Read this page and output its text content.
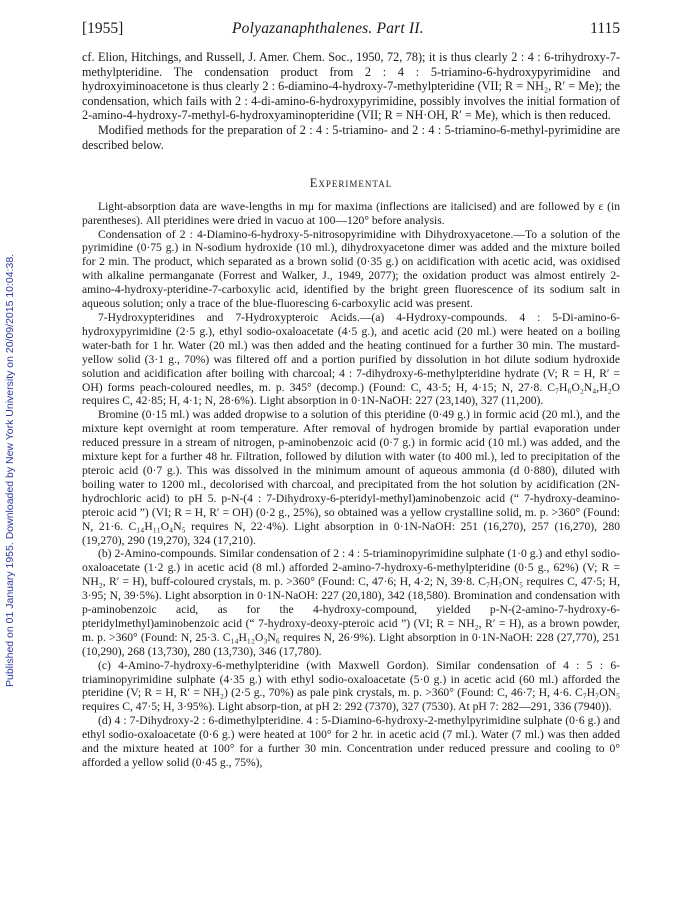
[1955]	Polyazanaphthalenes. Part II.	1115
Published on 01 January 1955. Downloaded by New York University on 20/09/2015 10:04:38.

cf. Elion, Hitchings, and Russell, J. Amer. Chem. Soc., 1950, 72, 78); it is thus clearly 2 : 4 : 6-trihydroxy-7-methylpteridine. The condensation product from 2 : 4 : 5-triamino-6-hydroxypyrimidine and hydroxyiminoacetone is thus clearly 2 : 6-diamino-4-hydroxy-7-methylpteridine (VII; R = NH₂, R′ = Me); the condensation, which fails with 2 : 4-di-amino-6-hydroxypyrimidine, possibly involves the initial formation of 2-amino-4-hydroxy-7-methyl-6-hydroxyaminopteridine (VII; R = NH·OH, R′ = Me), which is then reduced.

Modified methods for the preparation of 2 : 4 : 5-triamino- and 2 : 4 : 5-triamino-6-methyl-pyrimidine are described below.

Experimental

Light-absorption data are wave-lengths in mμ for maxima (inflections are italicised) and are followed by ε (in parentheses). All pteridines were dried in vacuo at 100—120° before analysis.

Condensation of 2 : 4-Diamino-6-hydroxy-5-nitrosopyrimidine with Dihydroxyacetone.—To a solution of the pyrimidine (0·75 g.) in N-sodium hydroxide (10 ml.), dihydroxyacetone dimer was added and the mixture boiled for 2 min. The product, which separated as a brown solid (0·35 g.) on acidification with acetic acid, was oxidised with alkaline permanganate (Forrest and Walker, J., 1949, 2077); the oxidation product was almost entirely 2-amino-4-hydroxy-pteridine-7-carboxylic acid, identified by the bright green fluorescence of its sodium salt in aqueous solution; only a trace of the blue-fluorescing 6-carboxylic acid was present.

7-Hydroxypteridines and 7-Hydroxypteroic Acids.—(a) 4-Hydroxy-compounds. 4 : 5-Di-amino-6-hydroxypyrimidine (2·5 g.), ethyl sodio-oxaloacetate (4·5 g.), and acetic acid (20 ml.) were heated on a boiling water-bath for 1 hr. Water (20 ml.) was then added and the heating continued for a further 30 min. The mustard-yellow solid (3·1 g., 70%) was filtered off and a portion purified by dissolution in hot dilute sodium hydroxide solution and acidification after boiling with charcoal; 4 : 7-dihydroxy-6-methylpteridine hydrate (V; R = H, R′ = OH) forms peach-coloured needles, m. p. 345° (decomp.) (Found: C, 43·5; H, 4·15; N, 27·8. C₇H₆O₂N₄,H₂O requires C, 42·85; H, 4·1; N, 28·6%). Light absorption in 0·1N-NaOH: 227 (23,140), 327 (11,200).

Bromine (0·15 ml.) was added dropwise to a solution of this pteridine (0·49 g.) in formic acid (20 ml.), and the mixture kept overnight at room temperature. After removal of hydrogen bromide by partial evaporation under reduced pressure in a stream of nitrogen, p-aminobenzoic acid (0·7 g.) in formic acid (10 ml.) was added, and the mixture kept for a further 48 hr. Filtration, followed by dilution with water (to 400 ml.), led to precipitation of the pteroic acid (0·7 g.). This was dissolved in the minimum amount of aqueous ammonia (d 0·880), diluted with boiling water to 1200 ml., decolorised with charcoal, and precipitated from the hot solution by acidification (2N-hydrochloric acid) to pH 5. p-N-(4 : 7-Dihydroxy-6-pteridyl-methyl)aminobenzoic acid (“ 7-hydroxy-deamino-pteroic acid ”) (VI; R = H, R′ = OH) (0·2 g., 25%), so obtained was a yellow crystalline solid, m. p. >360° (Found: N, 21·6. C₁₄H₁₁O₄N₅ requires N, 22·4%). Light absorption in 0·1N-NaOH: 251 (16,270), 257 (16,270), 280 (19,270), 290 (19,270), 324 (17,210).

(b) 2-Amino-compounds. Similar condensation of 2 : 4 : 5-triaminopyrimidine sulphate (1·0 g.) and ethyl sodio-oxaloacetate (1·2 g.) in acetic acid (8 ml.) afforded 2-amino-7-hydroxy-6-methylpteridine (0·5 g., 62%) (V; R = NH₂, R′ = H), buff-coloured crystals, m. p. >360° (Found: C, 47·6; H, 4·2; N, 39·8. C₇H₇ON₅ requires C, 47·5; H, 3·95; N, 39·5%). Light absorption in 0·1N-NaOH: 227 (20,180), 342 (18,580). Bromination and condensation with p-aminobenzoic acid, as for the 4-hydroxy-compound, yielded p-N-(2-amino-7-hydroxy-6-pteridylmethyl)aminobenzoic acid (“ 7-hydroxy-deoxy-pteroic acid ”) (VI; R = NH₂, R′ = H), as a brown powder, m. p. >360° (Found: N, 25·3. C₁₄H₁₂O₃N₆ requires N, 26·9%). Light absorption in 0·1N-NaOH: 228 (27,770), 251 (10,290), 268 (13,730), 280 (13,730), 346 (17,780).

(c) 4-Amino-7-hydroxy-6-methylpteridine (with Maxwell Gordon). Similar condensation of 4 : 5 : 6-triaminopyrimidine sulphate (4·35 g.) with ethyl sodio-oxaloacetate (5·0 g.) in acetic acid (60 ml.) afforded the pteridine (V; R = H, R′ = NH₂) (2·5 g., 70%) as pale pink crystals, m. p. >360° (Found: C, 46·7; H, 4·6. C₇H₇ON₅ requires C, 47·5; H, 3·95%). Light absorp-tion, at pH 2: 292 (7370), 327 (7530). At pH 7: 282—291, 336 (7940)).

(d) 4 : 7-Dihydroxy-2 : 6-dimethylpteridine. 4 : 5-Diamino-6-hydroxy-2-methylpyrimidine sulphate (0·6 g.) and ethyl sodio-oxaloacetate (0·6 g.) were heated at 100° for 2 hr. in acetic acid (7 ml.). Water (7 ml.) was then added and the mixture heated at 100° for a further 30 min. Concentration under reduced pressure and cooling to 0° afforded a yellow solid (0·45 g., 75%),
